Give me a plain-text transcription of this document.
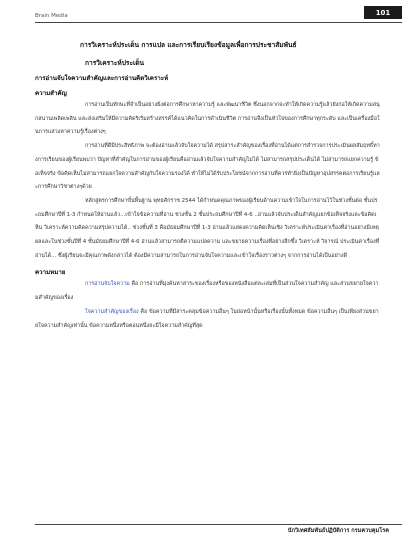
Brain Media	101

การวิเคราะห์ประเด็น การแปล และการเรียบเรียงข้อมูลเพื่อการประชาสัมพันธ์

การวิเคราะห์ประเด็น

การอ่านจับใจความสำคัญและการอ่านคิดวิเคราะห์

ความสำคัญ

การอ่านเป็นทักษะที่จำเป็นอย่างยิ่งต่อการศึกษาหาความรู้ และพัฒนาชีวิต ซึ่งนอกจากจะทำให้เกิดความรู้แล้วยังก่อให้เกิดความสนุกสนานเพลิดเพลิน และส่งเสริมให้มีความคิดริเริ่มสร้างสรรค์ได้แนวคิดในการดำเนินชีวิต การอ่านจึงเป็นหัวใจของการศึกษาทุกระดับ และเป็นเครื่องมือในการแสวงหาความรู้เรื่องต่างๆ

การอ่านที่ดีมีประสิทธิภาพ จะต้องอ่านแล้วจับใจความได้ สรุปสาระสำคัญของเรื่องที่อ่านได้แต่การสำรวจการประเมินผลสัมฤทธิ์ทางการเรียนของผู้เรียนพบว่า ปัญหาที่สำคัญในการอ่านของผู้เรียนคืออ่านแล้วจับใจความสำคัญไม่ได้ ไม่สามารถสรุปประเด็นได้ ไม่สามารถแยกความรู้ ข้อเท็จจริง ข้อคิดเห็นไม่สามารถแยกใจความสำคัญกับใจความรองได้ ทำให้ไม่ได้รับประโยชน์จากการอ่านที่ควรทำยิ่งเป็นปัญหาอุปสรรคต่อการเรียนรู้และการศึกษาวิชาต่างๆด้วย

หลักสูตรการศึกษาขั้นพื้นฐาน พุทธศักราช 2544 ได้กำหนดคุณภาพของผู้เรียนด้านความเข้าใจในการอ่านไว้ในช่วงชั้นต่อ ชั้นประถมศึกษาปีที่ 1-3 กำหนดให้อ่านแล้ว...เข้าใจข้อความที่อ่าน ช่วงชั้น 2 ชั้นประถมศึกษาปีที่ 4-6 ..อ่านแล้วจับประเด็นสำคัญแยกข้อเท็จจริงและข้อคิดเห็น วิเคราะห์ความคิดความสรุปความได้.. ช่วงชั้นที่ 3 คือมัธยมศึกษาปีที่ 1-3 อ่านแล้วแสดงความคิดเห็นเชิง วิเคราะห์ประเมินค่าเรื่องที่อ่านอย่างมีเหตุผลและในช่วงชั้นปีที่ 4 ชั้นมัธยมศึกษาปีที่ 4-6 อ่านแล้วสามารถตีความแปลความ และขยายความเรื่องที่อย่างลึกซึ้ง วิเคราะห์ วิจารณ์ ประเมินค่าเรื่องที่อ่านได้... ซึ่งผู้เรียนจะมีคุณภาพดังกล่าวได้ ต้องมีความสามารถในการอ่านจับใจความและเข้าใจเรื่องราวต่างๆ จากการอ่านได้เป็นอย่างดี

ความหมาย

การอ่านจับใจความ คือ การอ่านที่มุ่งค้นหาสาระของเรื่องหรือของหนังสือแต่ละเล่มที่เป็นส่วนใจความสำคัญ และส่วนขยายใจความสำคัญของเรื่อง

ใจความสำคัญของเรื่อง คือ ข้อความที่มีสาระคลุมข้อความอื่นๆ ในย่อหน้านั้นหรือเรื่องนั้นทั้งหมด ข้อความอื่นๆ เป็นเพียงส่วนขยายใจความสำคัญเท่านั้น ข้อความหนึ่งหรือตอนหนึ่งจะมีใจความสำคัญที่สุด

นักวิเทศสัมพันธ์ปฏิบัติการ กรมควบคุมโรค
